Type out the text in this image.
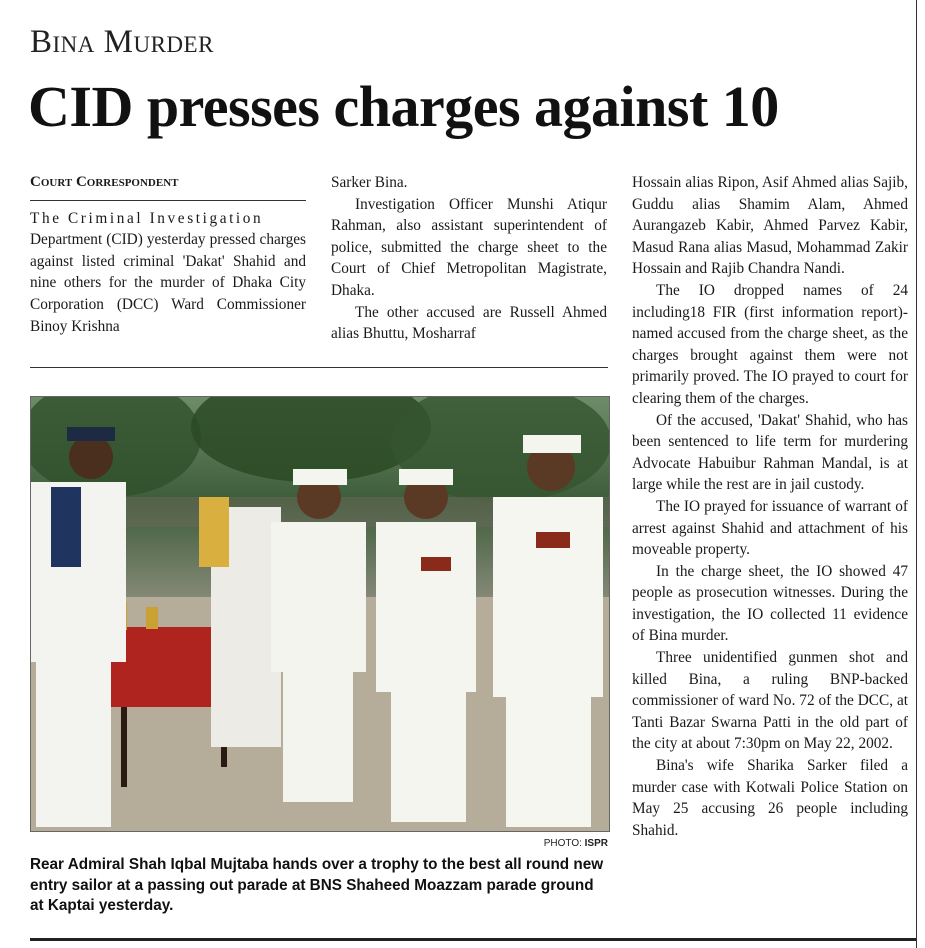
Bina Murder
CID presses charges against 10
Court Correspondent

The Criminal Investigation

Department (CID) yesterday pressed charges against listed criminal 'Dakat' Shahid and nine others for the murder of Dhaka City Corporation (DCC) Ward Commissioner Binoy Krishna

Sarker Bina.

Investigation Officer Munshi Atiqur Rahman, also assistant superintendent of police, submitted the charge sheet to the Court of Chief Metropolitan Magistrate, Dhaka.

The other accused are Russell Ahmed alias Bhuttu, Mosharraf

PHOTO: ISPR
Rear Admiral Shah Iqbal Mujtaba hands over a trophy to the best all round new entry sailor at a passing out parade at BNS Shaheed Moazzam parade ground at Kaptai yesterday.

Hossain alias Ripon, Asif Ahmed alias Sajib, Guddu alias Shamim Alam, Ahmed Aurangazeb Kabir, Ahmed Parvez Kabir, Masud Rana alias Masud, Mohammad Zakir Hossain and Rajib Chandra Nandi.

The IO dropped names of 24 including18 FIR (first information report)-named accused from the charge sheet, as the charges brought against them were not primarily proved. The IO prayed to court for clearing them of the charges.

Of the accused, 'Dakat' Shahid, who has been sentenced to life term for murdering Advocate Habuibur Rahman Mandal, is at large while the rest are in jail custody.

The IO prayed for issuance of warrant of arrest against Shahid and attachment of his moveable property.

In the charge sheet, the IO showed 47 people as prosecution witnesses. During the investigation, the IO collected 11 evidence of Bina murder.

Three unidentified gunmen shot and killed Bina, a ruling BNP-backed commissioner of ward No. 72 of the DCC, at Tanti Bazar Swarna Patti in the old part of the city at about 7:30pm on May 22, 2002.

Bina's wife Sharika Sarker filed a murder case with Kotwali Police Station on May 25 accusing 26 people including Shahid.
